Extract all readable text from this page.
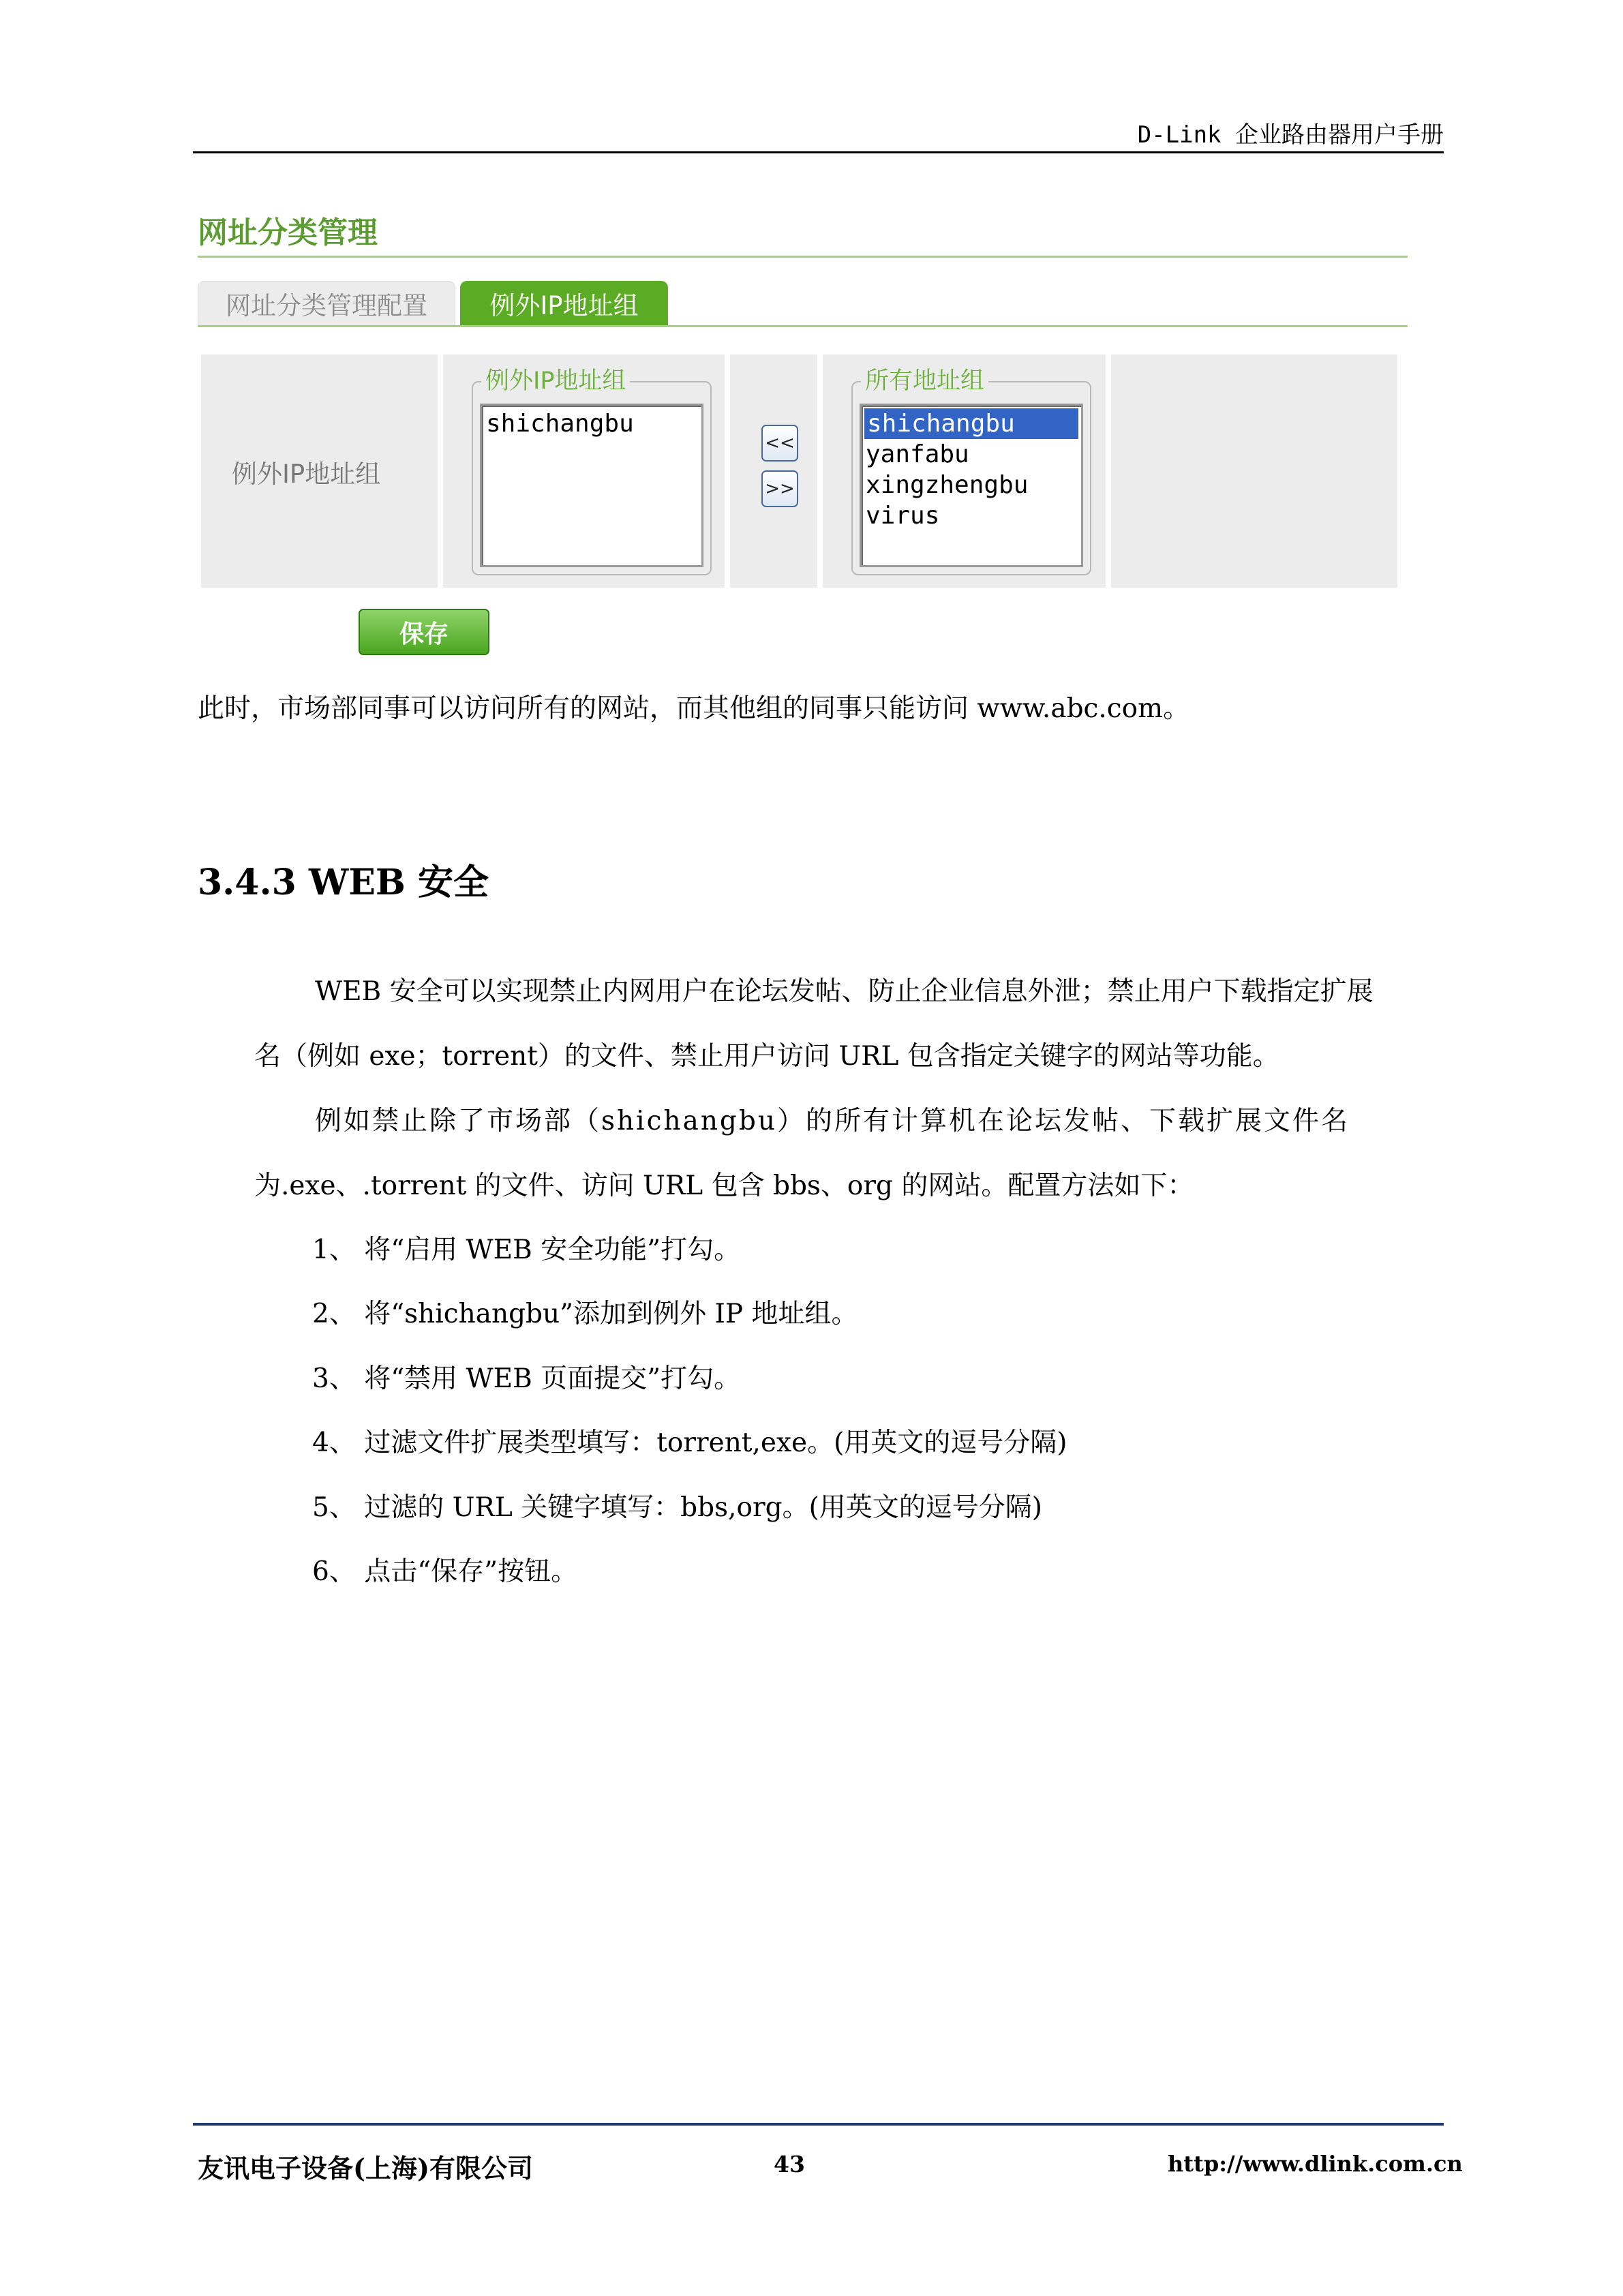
D-Link 企业路由器用户手册
网址分类管理
网址分类管理配置	例外IP地址组
例外IP地址组
例外IP地址组
shichangbu
<<
>>
所有地址组
shichangbu
yanfabu
xingzhengbu
virus
保存
此时，市场部同事可以访问所有的网站，而其他组的同事只能访问 www.abc.com。
3.4.3 WEB 安全
WEB 安全可以实现禁止内网用户在论坛发帖、防止企业信息外泄；禁止用户下载指定扩展
名（例如 exe；torrent）的文件、禁止用户访问 URL 包含指定关键字的网站等功能。
例如禁止除了市场部（shichangbu）的所有计算机在论坛发帖、下载扩展文件名
为.exe、.torrent 的文件、访问 URL 包含 bbs、org 的网站。配置方法如下：
1、 将“启用 WEB 安全功能”打勾。
2、 将“shichangbu”添加到例外 IP 地址组。
3、 将“禁用 WEB 页面提交”打勾。
4、 过滤文件扩展类型填写：torrent,exe。(用英文的逗号分隔)
5、 过滤的 URL 关键字填写：bbs,org。(用英文的逗号分隔)
6、 点击“保存”按钮。
友讯电子设备(上海)有限公司	43	http://www.dlink.com.cn
